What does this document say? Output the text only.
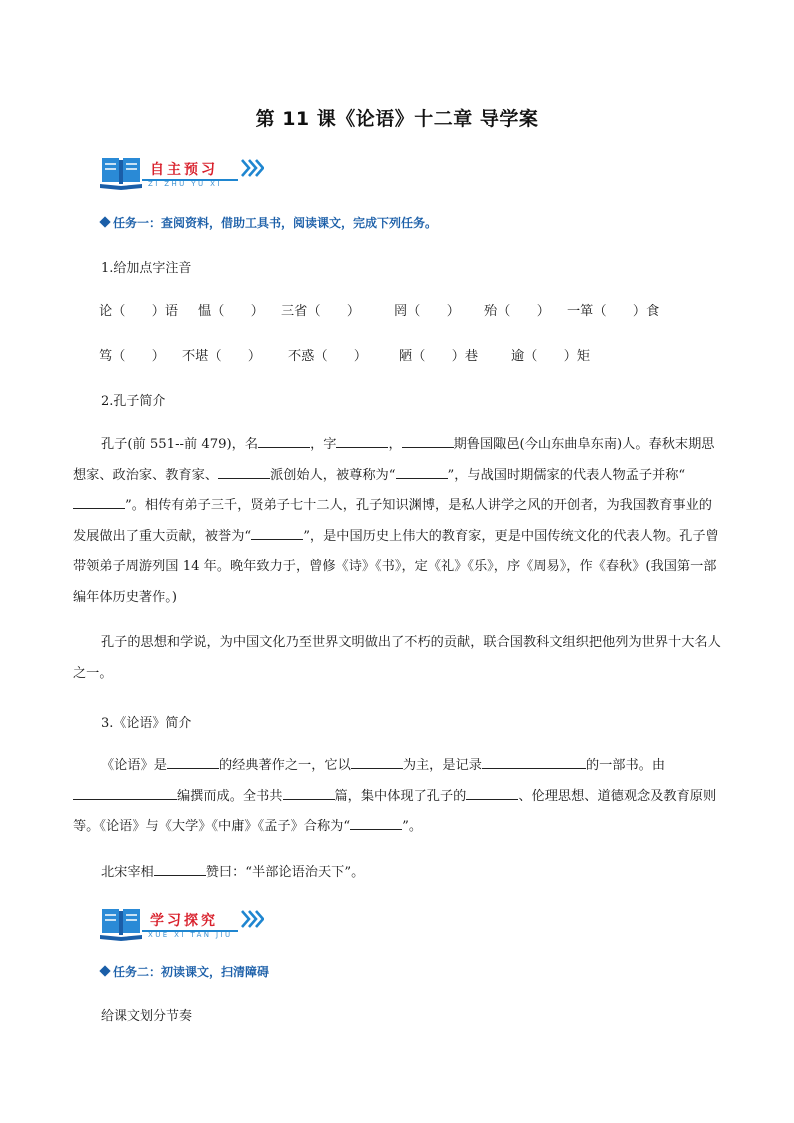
第 11 课《论语》十二章 导学案
自主预习
ZI ZHU YU XI
任务一：查阅资料，借助工具书，阅读课文，完成下列任务。
1.给加点字注音
论（　　）语 愠（　　） 三省（　　）	罔（　　） 殆（　　） 一箪（　　）食
笃（　　） 不堪（　　） 不惑（　　） 陋（　　）巷 逾（　　）矩
2.孔子简介
孔子(前 551--前 479)，名	，字	，	期鲁国陬邑(今山东曲阜东南)人。春秋末期思想家、政治家、教育家、	派创始人，被尊称为“	”，与战国时期儒家的代表人物孟子并称“”。相传有弟子三千，贤弟子七十二人，孔子知识渊博，是私人讲学之风的开创者，为我国教育事业的发展做出了重大贡献，被誉为“	”，是中国历史上伟大的教育家，更是中国传统文化的代表人物。孔子曾带领弟子周游列国 14 年。晚年致力于，曾修《诗》《书》，定《礼》《乐》，序《周易》，作《春秋》(我国第一部编年体历史著作。)
孔子的思想和学说，为中国文化乃至世界文明做出了不朽的贡献，联合国教科文组织把他列为世界十大名人之一。
3.《论语》简介
《论语》是	的经典著作之一，它以	为主，是记录	的一部书。由编撰而成。全书共	篇，集中体现了孔子的	、伦理思想、道德观念及教育原则等。《论语》与《大学》《中庸》《孟子》合称为“	”。
北宋宰相	赞曰：“半部论语治天下”。
学习探究
XUE XI TAN JIU
任务二：初读课文，扫清障碍
给课文划分节奏
